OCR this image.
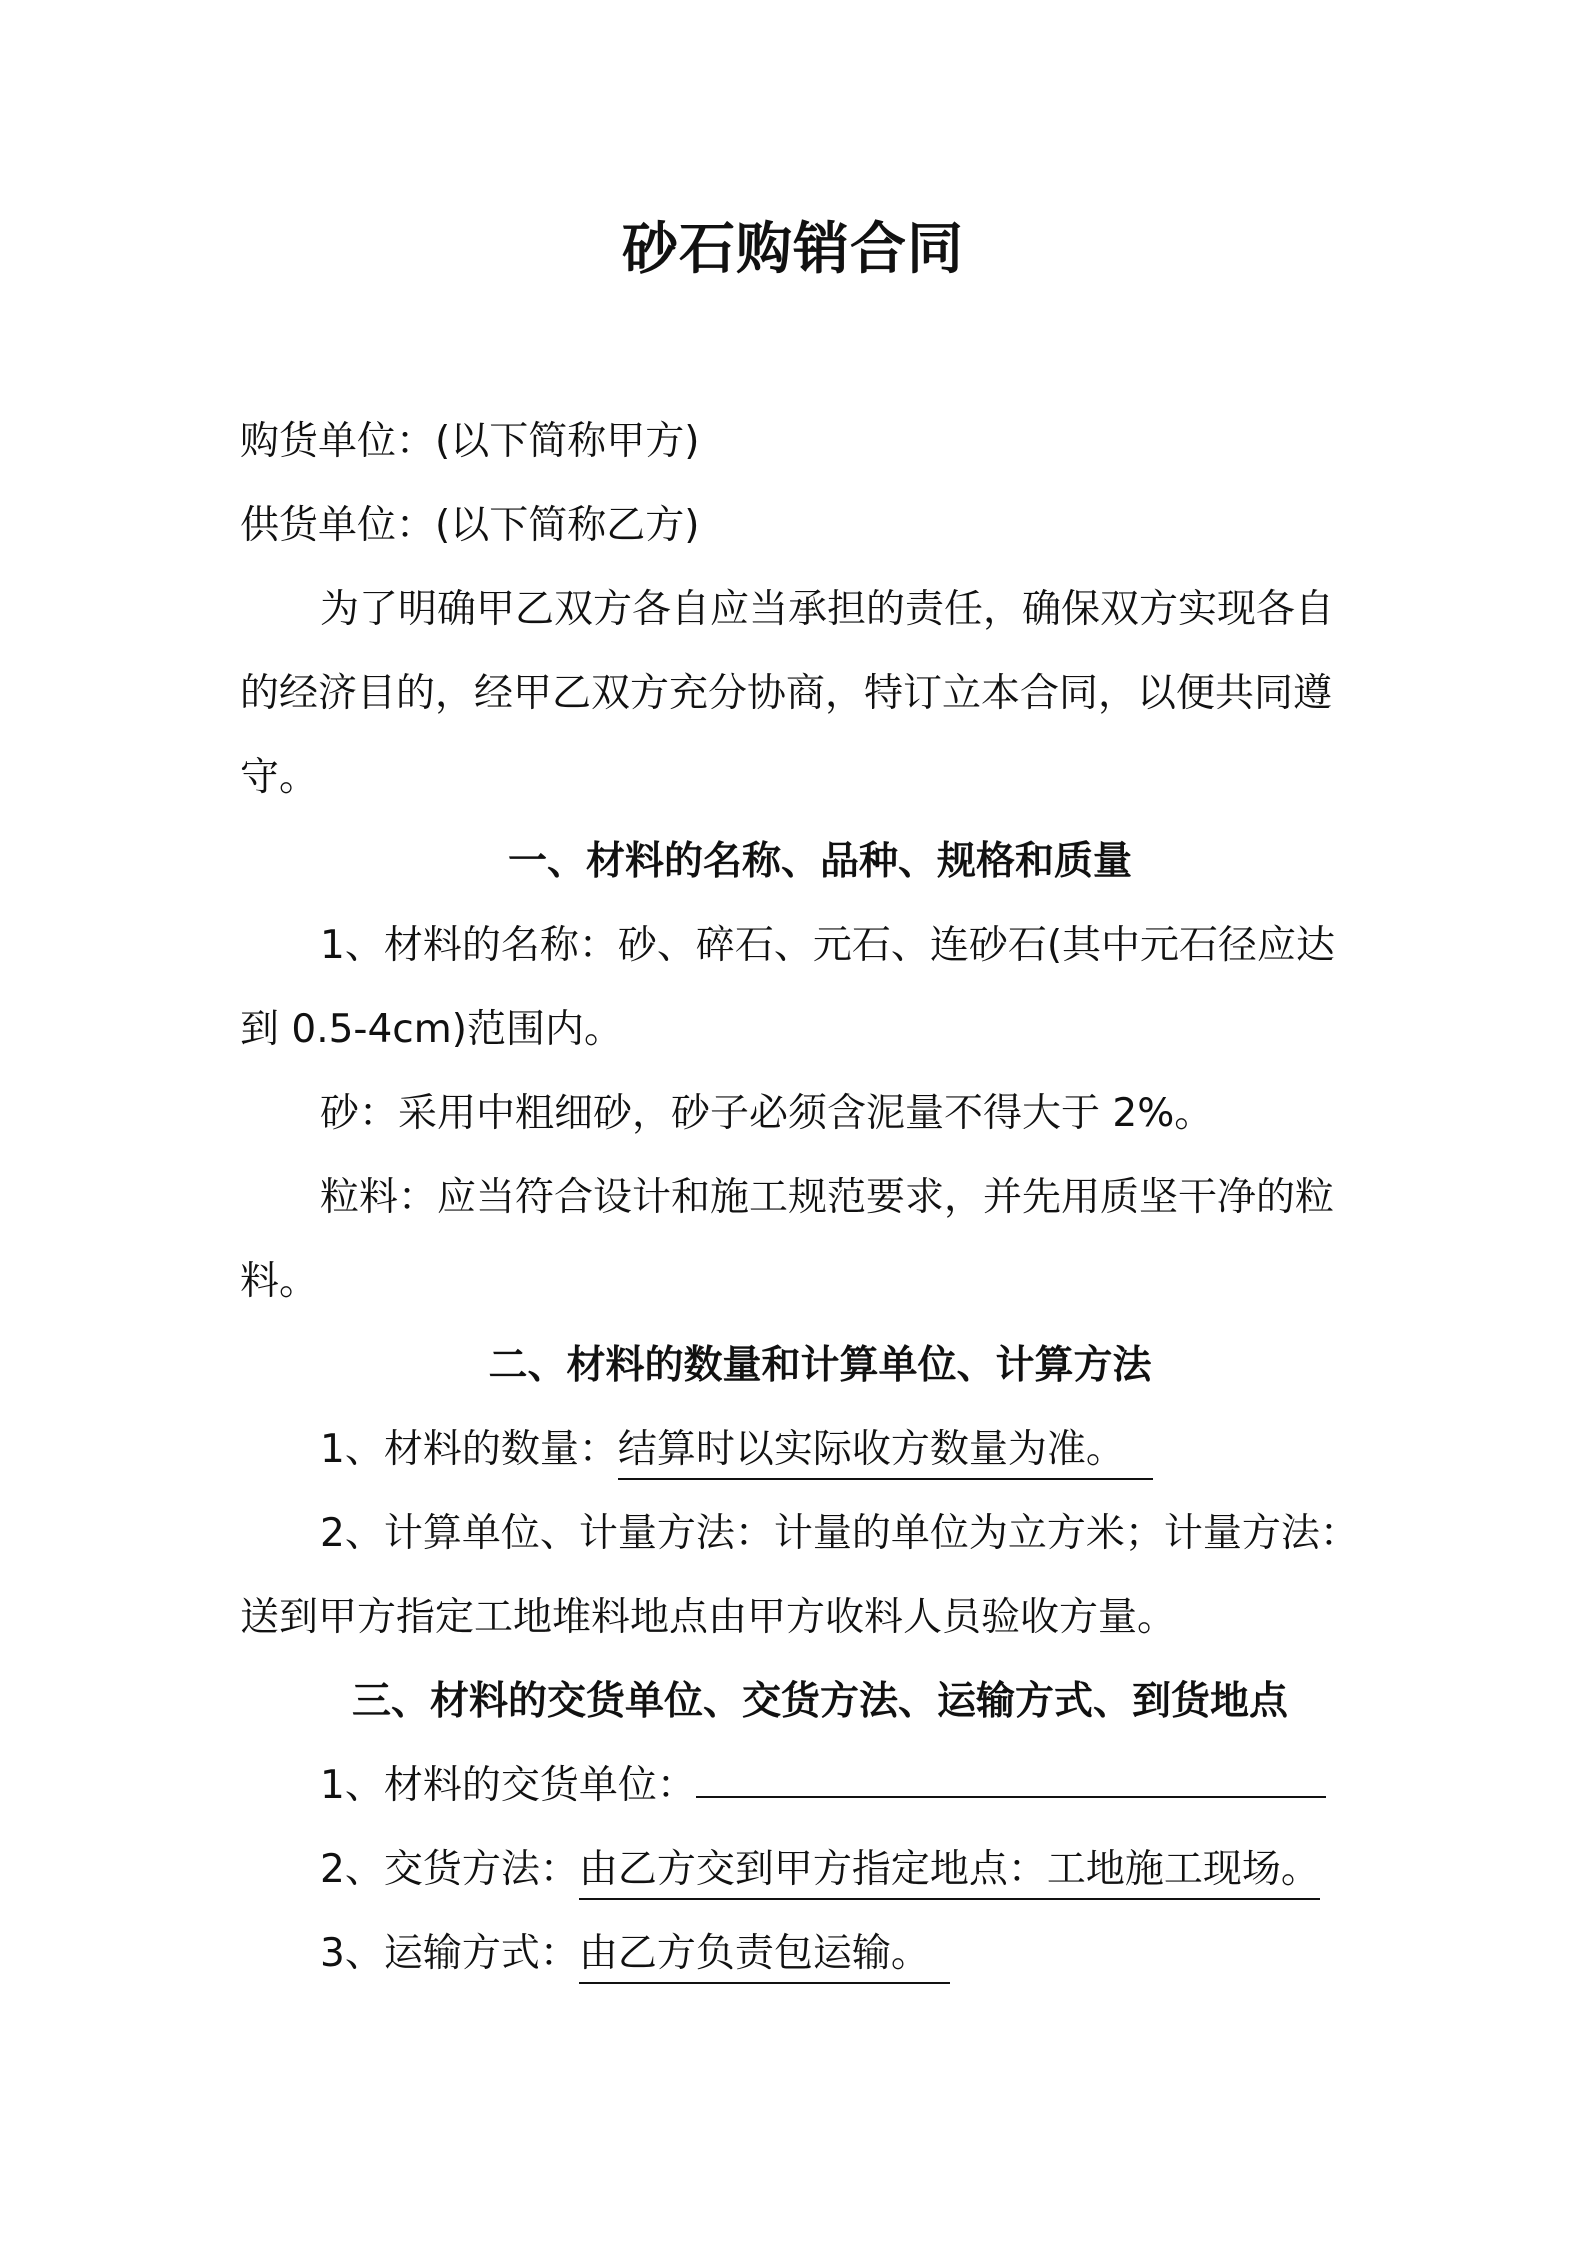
砂石购销合同

购货单位：(以下简称甲方)

供货单位：(以下简称乙方)

为了明确甲乙双方各自应当承担的责任，确保双方实现各自

的经济目的，经甲乙双方充分协商，特订立本合同，以便共同遵

守。

一、材料的名称、品种、规格和质量

1、材料的名称：砂、碎石、元石、连砂石(其中元石径应达

到 0.5-4cm)范围内。

砂：采用中粗细砂，砂子必须含泥量不得大于 2%。

粒料：应当符合设计和施工规范要求，并先用质坚干净的粒

料。

二、材料的数量和计算单位、计算方法

1、材料的数量：结算时以实际收方数量为准。

2、计算单位、计量方法：计量的单位为立方米；计量方法：

送到甲方指定工地堆料地点由甲方收料人员验收方量。

三、材料的交货单位、交货方法、运输方式、到货地点

1、材料的交货单位：

2、交货方法：由乙方交到甲方指定地点：工地施工现场。

3、运输方式：由乙方负责包运输。
